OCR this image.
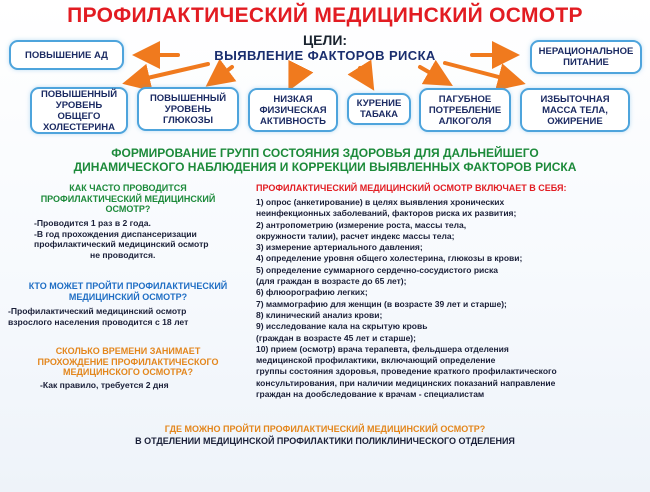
ПРОФИЛАКТИЧЕСКИЙ МЕДИЦИНСКИЙ ОСМОТР
ЦЕЛИ:
ВЫЯВЛЕНИЕ ФАКТОРОВ РИСКА
ПОВЫШЕНИЕ АД	НЕРАЦИОНАЛЬНОЕ ПИТАНИЕ
ПОВЫШЕННЫЙ УРОВЕНЬ ОБЩЕГО ХОЛЕСТЕРИНА
ПОВЫШЕННЫЙ УРОВЕНЬ ГЛЮКОЗЫ
НИЗКАЯ ФИЗИЧЕСКАЯ АКТИВНОСТЬ
КУРЕНИЕ ТАБАКА
ПАГУБНОЕ ПОТРЕБЛЕНИЕ АЛКОГОЛЯ
ИЗБЫТОЧНАЯ МАССА ТЕЛА, ОЖИРЕНИЕ
ФОРМИРОВАНИЕ ГРУПП СОСТОЯНИЯ ЗДОРОВЬЯ ДЛЯ ДАЛЬНЕЙШЕГО
ДИНАМИЧЕСКОГО НАБЛЮДЕНИЯ И КОРРЕКЦИИ ВЫЯВЛЕННЫХ ФАКТОРОВ РИСКА
КАК ЧАСТО ПРОВОДИТСЯ
ПРОФИЛАКТИЧЕСКИЙ МЕДИЦИНСКИЙ
ОСМОТР?
-Проводится 1 раз в 2 года.
-В год прохождения диспансеризации
профилактический медицинский осмотр
не проводится.
КТО МОЖЕТ ПРОЙТИ ПРОФИЛАКТИЧЕСКИЙ
МЕДИЦИНСКИЙ ОСМОТР?
-Профилактический медицинский осмотр
взрослого населения проводится с 18 лет
СКОЛЬКО ВРЕМЕНИ ЗАНИМАЕТ
ПРОХОЖДЕНИЕ ПРОФИЛАКТИЧЕСКОГО
МЕДИЦИНСКОГО ОСМОТРА?
-Как правило, требуется 2 дня
ПРОФИЛАКТИЧЕСКИЙ МЕДИЦИНСКИЙ ОСМОТР ВКЛЮЧАЕТ В СЕБЯ:
1) опрос (анкетирование) в целях выявления хронических
неинфекционных заболеваний, факторов риска их развития;
2) антропометрию (измерение роста, массы тела,
окружности талии), расчет индекс массы тела;
3) измерение артериального давления;
4) определение уровня общего холестерина, глюкозы в крови;
5) определение суммарного сердечно-сосудистого риска
(для граждан в возрасте до 65 лет);
6) флюорографию легких;
7) маммографию для женщин (в возрасте 39 лет и старше);
8) клинический анализ крови;
9) исследование кала на скрытую кровь
(граждан в возрасте 45 лет и старше);
10) прием (осмотр) врача терапевта, фельдшера отделения
медицинской профилактики, включающий определение
группы состояния здоровья, проведение краткого профилактического
консультирования, при наличии медицинских показаний направление
граждан на дообследование к врачам - специалистам
ГДЕ МОЖНО ПРОЙТИ ПРОФИЛАКТИЧЕСКИЙ МЕДИЦИНСКИЙ ОСМОТР?
В ОТДЕЛЕНИИ МЕДИЦИНСКОЙ ПРОФИЛАКТИКИ ПОЛИКЛИНИЧЕСКОГО ОТДЕЛЕНИЯ
